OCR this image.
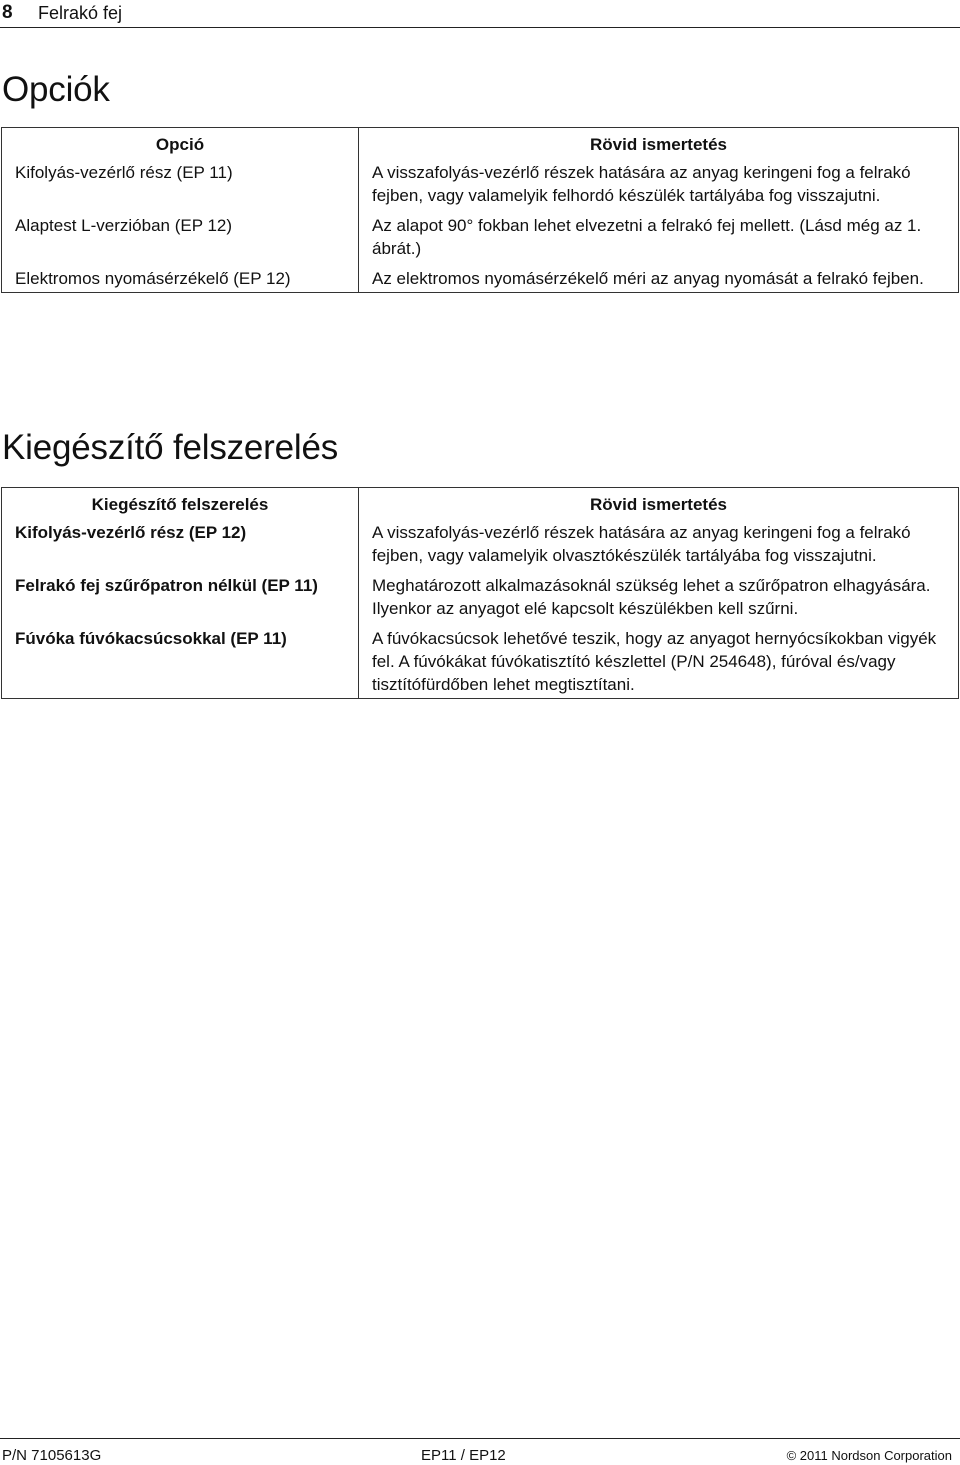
8 Felrakó fej
Opciók
Opció	Rövid ismertetés
Kifolyás-vezérlő rész (EP 11)	A visszafolyás-vezérlő részek hatására az anyag keringeni fog a felrakó fejben, vagy valamelyik felhordó készülék tartályába fog visszajutni.
Alaptest L-verzióban (EP 12)	Az alapot 90° fokban lehet elvezetni a felrakó fej mellett. (Lásd még az 1. ábrát.)
Elektromos nyomásérzékelő (EP 12)	Az elektromos nyomásérzékelő méri az anyag nyomását a felrakó fejben.
Kiegészítő felszerelés
Kiegészítő felszerelés	Rövid ismertetés
Kifolyás-vezérlő rész (EP 12)	A visszafolyás-vezérlő részek hatására az anyag keringeni fog a felrakó fejben, vagy valamelyik olvasztókészülék tartályába fog visszajutni.
Felrakó fej szűrőpatron nélkül (EP 11)	Meghatározott alkalmazásoknál szükség lehet a szűrőpatron elhagyására. Ilyenkor az anyagot elé kapcsolt készülékben kell szűrni.
Fúvóka fúvókacsúcsokkal (EP 11)	A fúvókacsúcsok lehetővé teszik, hogy az anyagot hernyócsíkokban vigyék fel. A fúvókákat fúvókatisztító készlettel (P/N 254648), fúróval és/vagy tisztítófürdőben lehet megtisztítani.
P/N 7105613G	EP11 / EP12	© 2011 Nordson Corporation
